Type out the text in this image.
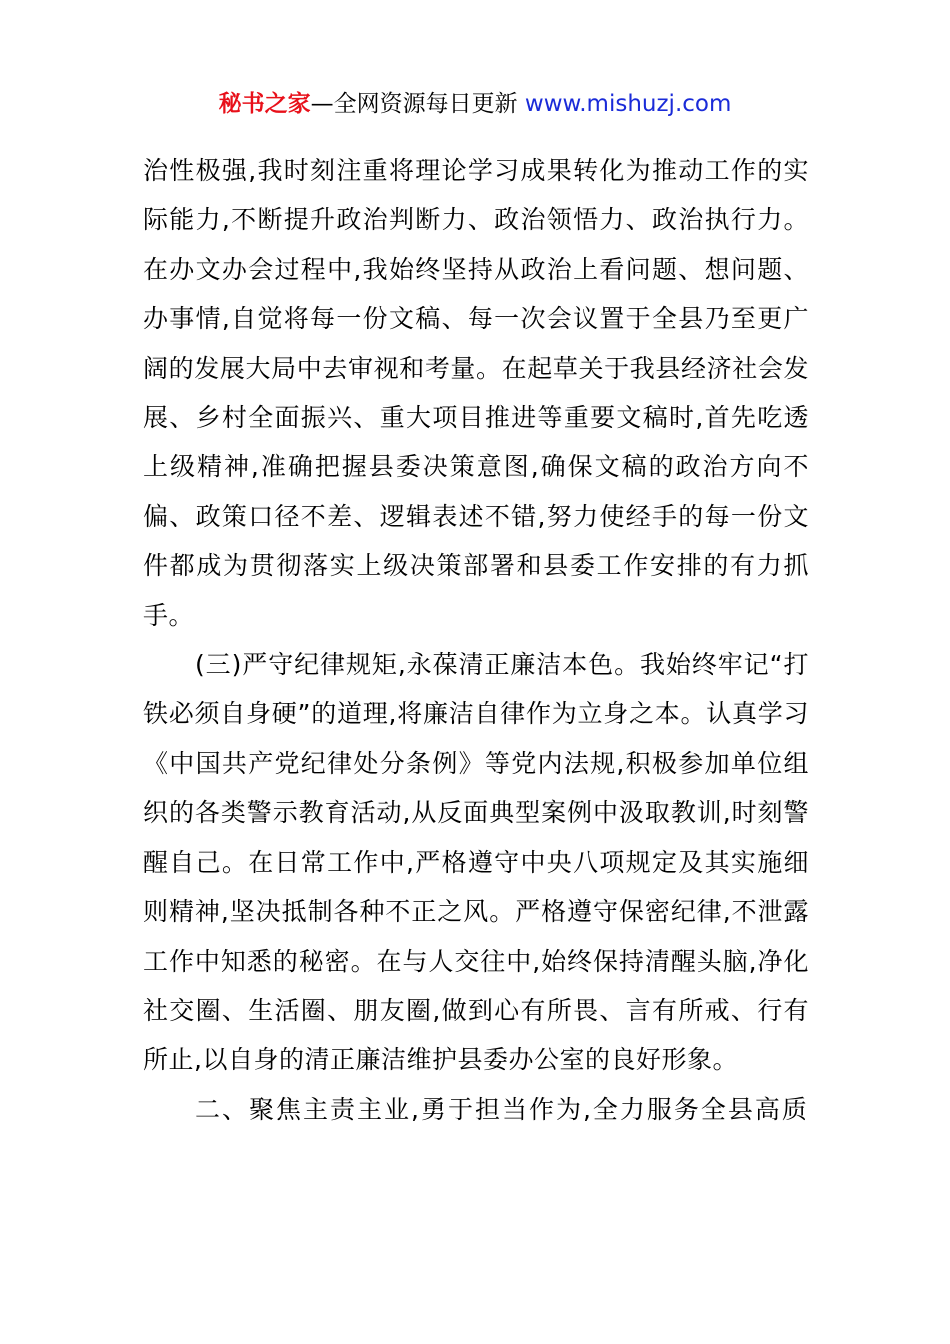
秘书之家—全网资源每日更新 www.mishuzj.com

治性极强,我时刻注重将理论学习成果转化为推动工作的实际能力,不断提升政治判断力、政治领悟力、政治执行力。在办文办会过程中,我始终坚持从政治上看问题、想问题、办事情,自觉将每一份文稿、每一次会议置于全县乃至更广阔的发展大局中去审视和考量。在起草关于我县经济社会发展、乡村全面振兴、重大项目推进等重要文稿时,首先吃透上级精神,准确把握县委决策意图,确保文稿的政治方向不偏、政策口径不差、逻辑表述不错,努力使经手的每一份文件都成为贯彻落实上级决策部署和县委工作安排的有力抓手。

(三)严守纪律规矩,永葆清正廉洁本色。我始终牢记“打铁必须自身硬”的道理,将廉洁自律作为立身之本。认真学习《中国共产党纪律处分条例》等党内法规,积极参加单位组织的各类警示教育活动,从反面典型案例中汲取教训,时刻警醒自己。在日常工作中,严格遵守中央八项规定及其实施细则精神,坚决抵制各种不正之风。严格遵守保密纪律,不泄露工作中知悉的秘密。在与人交往中,始终保持清醒头脑,净化社交圈、生活圈、朋友圈,做到心有所畏、言有所戒、行有所止,以自身的清正廉洁维护县委办公室的良好形象。

二、聚焦主责主业,勇于担当作为,全力服务全县高质
